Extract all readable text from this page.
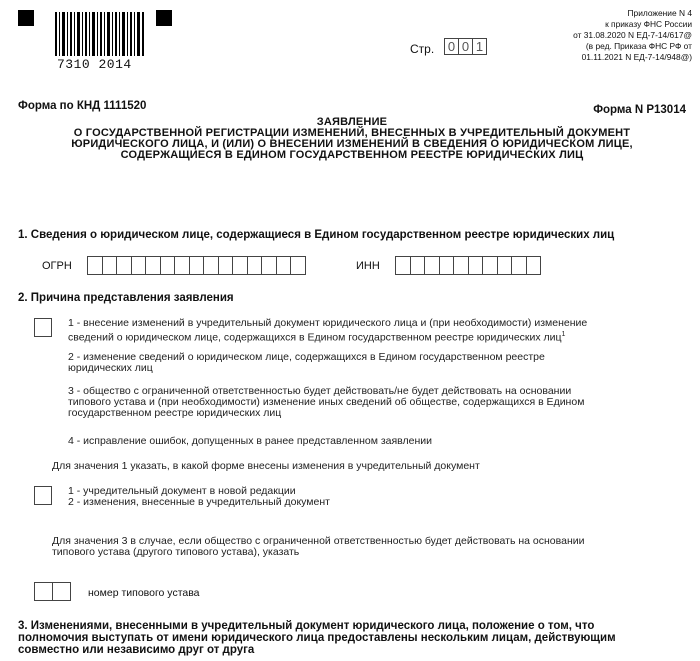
7310 2014
Приложение N 4
к приказу ФНС России
от 31.08.2020 N ЕД-7-14/617@
(в ред. Приказа ФНС РФ от
01.11.2021 N ЕД-7-14/948@)
Стр. 0 0 1
Форма по КНД 1111520	Форма N Р13014
ЗАЯВЛЕНИЕ
О ГОСУДАРСТВЕННОЙ РЕГИСТРАЦИИ ИЗМЕНЕНИЙ, ВНЕСЕННЫХ В УЧРЕДИТЕЛЬНЫЙ ДОКУМЕНТ
ЮРИДИЧЕСКОГО ЛИЦА, И (ИЛИ) О ВНЕСЕНИИ ИЗМЕНЕНИЙ В СВЕДЕНИЯ О ЮРИДИЧЕСКОМ ЛИЦЕ,
СОДЕРЖАЩИЕСЯ В ЕДИНОМ ГОСУДАРСТВЕННОМ РЕЕСТРЕ ЮРИДИЧЕСКИХ ЛИЦ
1. Сведения о юридическом лице, содержащиеся в Едином государственном реестре юридических лиц
ОГРН	ИНН
2. Причина представления заявления
1 - внесение изменений в учредительный документ юридического лица и (при необходимости) изменение
сведений о юридическом лице, содержащихся в Едином государственном реестре юридических лиц$^1$
2 - изменение сведений о юридическом лице, содержащихся в Едином государственном реестре
юридических лиц
3 - общество с ограниченной ответственностью будет действовать/не будет действовать на основании
типового устава и (при необходимости) изменение иных сведений об обществе, содержащихся в Едином
государственном реестре юридических лиц
4 - исправление ошибок, допущенных в ранее представленном заявлении
Для значения 1 указать, в какой форме внесены изменения в учредительный документ
1 - учредительный документ в новой редакции
2 - изменения, внесенные в учредительный документ
Для значения 3 в случае, если общество с ограниченной ответственностью будет действовать на основании
типового устава (другого типового устава), указать
номер типового устава
3. Изменениями, внесенными в учредительный документ юридического лица, положение о том, что
полномочия выступать от имени юридического лица предоставлены нескольким лицам, действующим
совместно или независимо друг от друга
